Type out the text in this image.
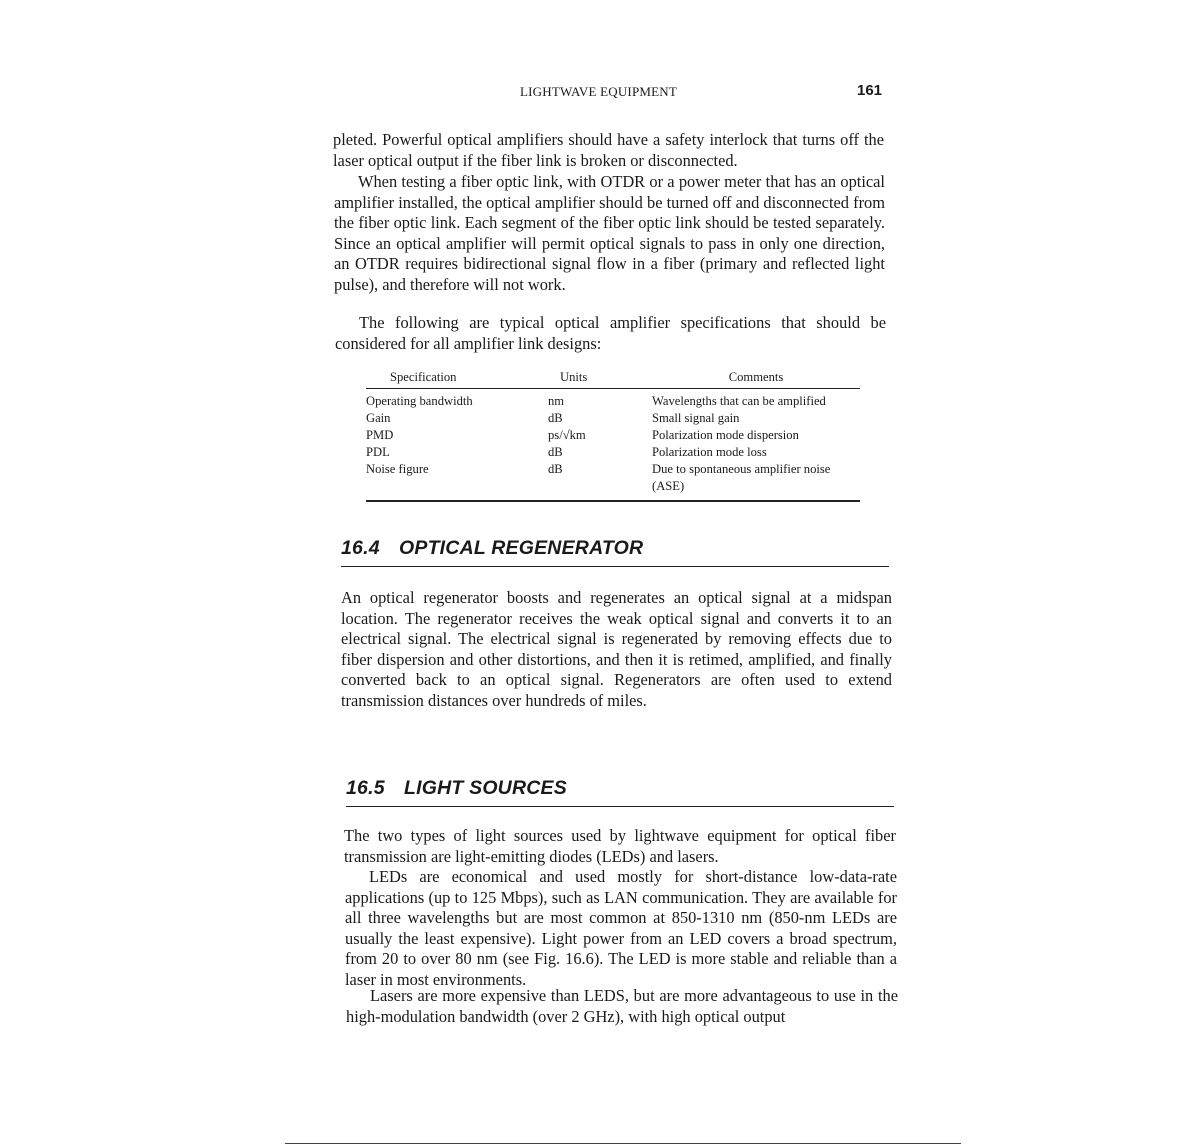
LIGHTWAVE EQUIPMENT	161

pleted. Powerful optical amplifiers should have a safety interlock that turns off the laser optical output if the fiber link is broken or disconnected.

When testing a fiber optic link, with OTDR or a power meter that has an optical amplifier installed, the optical amplifier should be turned off and disconnected from the fiber optic link. Each segment of the fiber optic link should be tested separately. Since an optical amplifier will permit optical signals to pass in only one direction, an OTDR requires bidirectional signal flow in a fiber (primary and reflected light pulse), and therefore will not work.

The following are typical optical amplifier specifications that should be considered for all amplifier link designs:

Specification	Units	Comments
Operating bandwidth	nm	Wavelengths that can be amplified
Gain	dB	Small signal gain
PMD	ps/√km	Polarization mode dispersion
PDL	dB	Polarization mode loss
Noise figure	dB	Due to spontaneous amplifier noise (ASE)
16.4 OPTICAL REGENERATOR

An optical regenerator boosts and regenerates an optical signal at a midspan location. The regenerator receives the weak optical signal and converts it to an electrical signal. The electrical signal is regenerated by removing effects due to fiber dispersion and other distortions, and then it is retimed, amplified, and finally converted back to an optical signal. Regenerators are often used to extend transmission distances over hundreds of miles.

16.5 LIGHT SOURCES

The two types of light sources used by lightwave equipment for optical fiber transmission are light-emitting diodes (LEDs) and lasers.

LEDs are economical and used mostly for short-distance low-data-rate applications (up to 125 Mbps), such as LAN communication. They are available for all three wavelengths but are most common at 850-1310 nm (850-nm LEDs are usually the least expensive). Light power from an LED covers a broad spectrum, from 20 to over 80 nm (see Fig. 16.6). The LED is more stable and reliable than a laser in most environments.

Lasers are more expensive than LEDS, but are more advantageous to use in the high-modulation bandwidth (over 2 GHz), with high optical output
